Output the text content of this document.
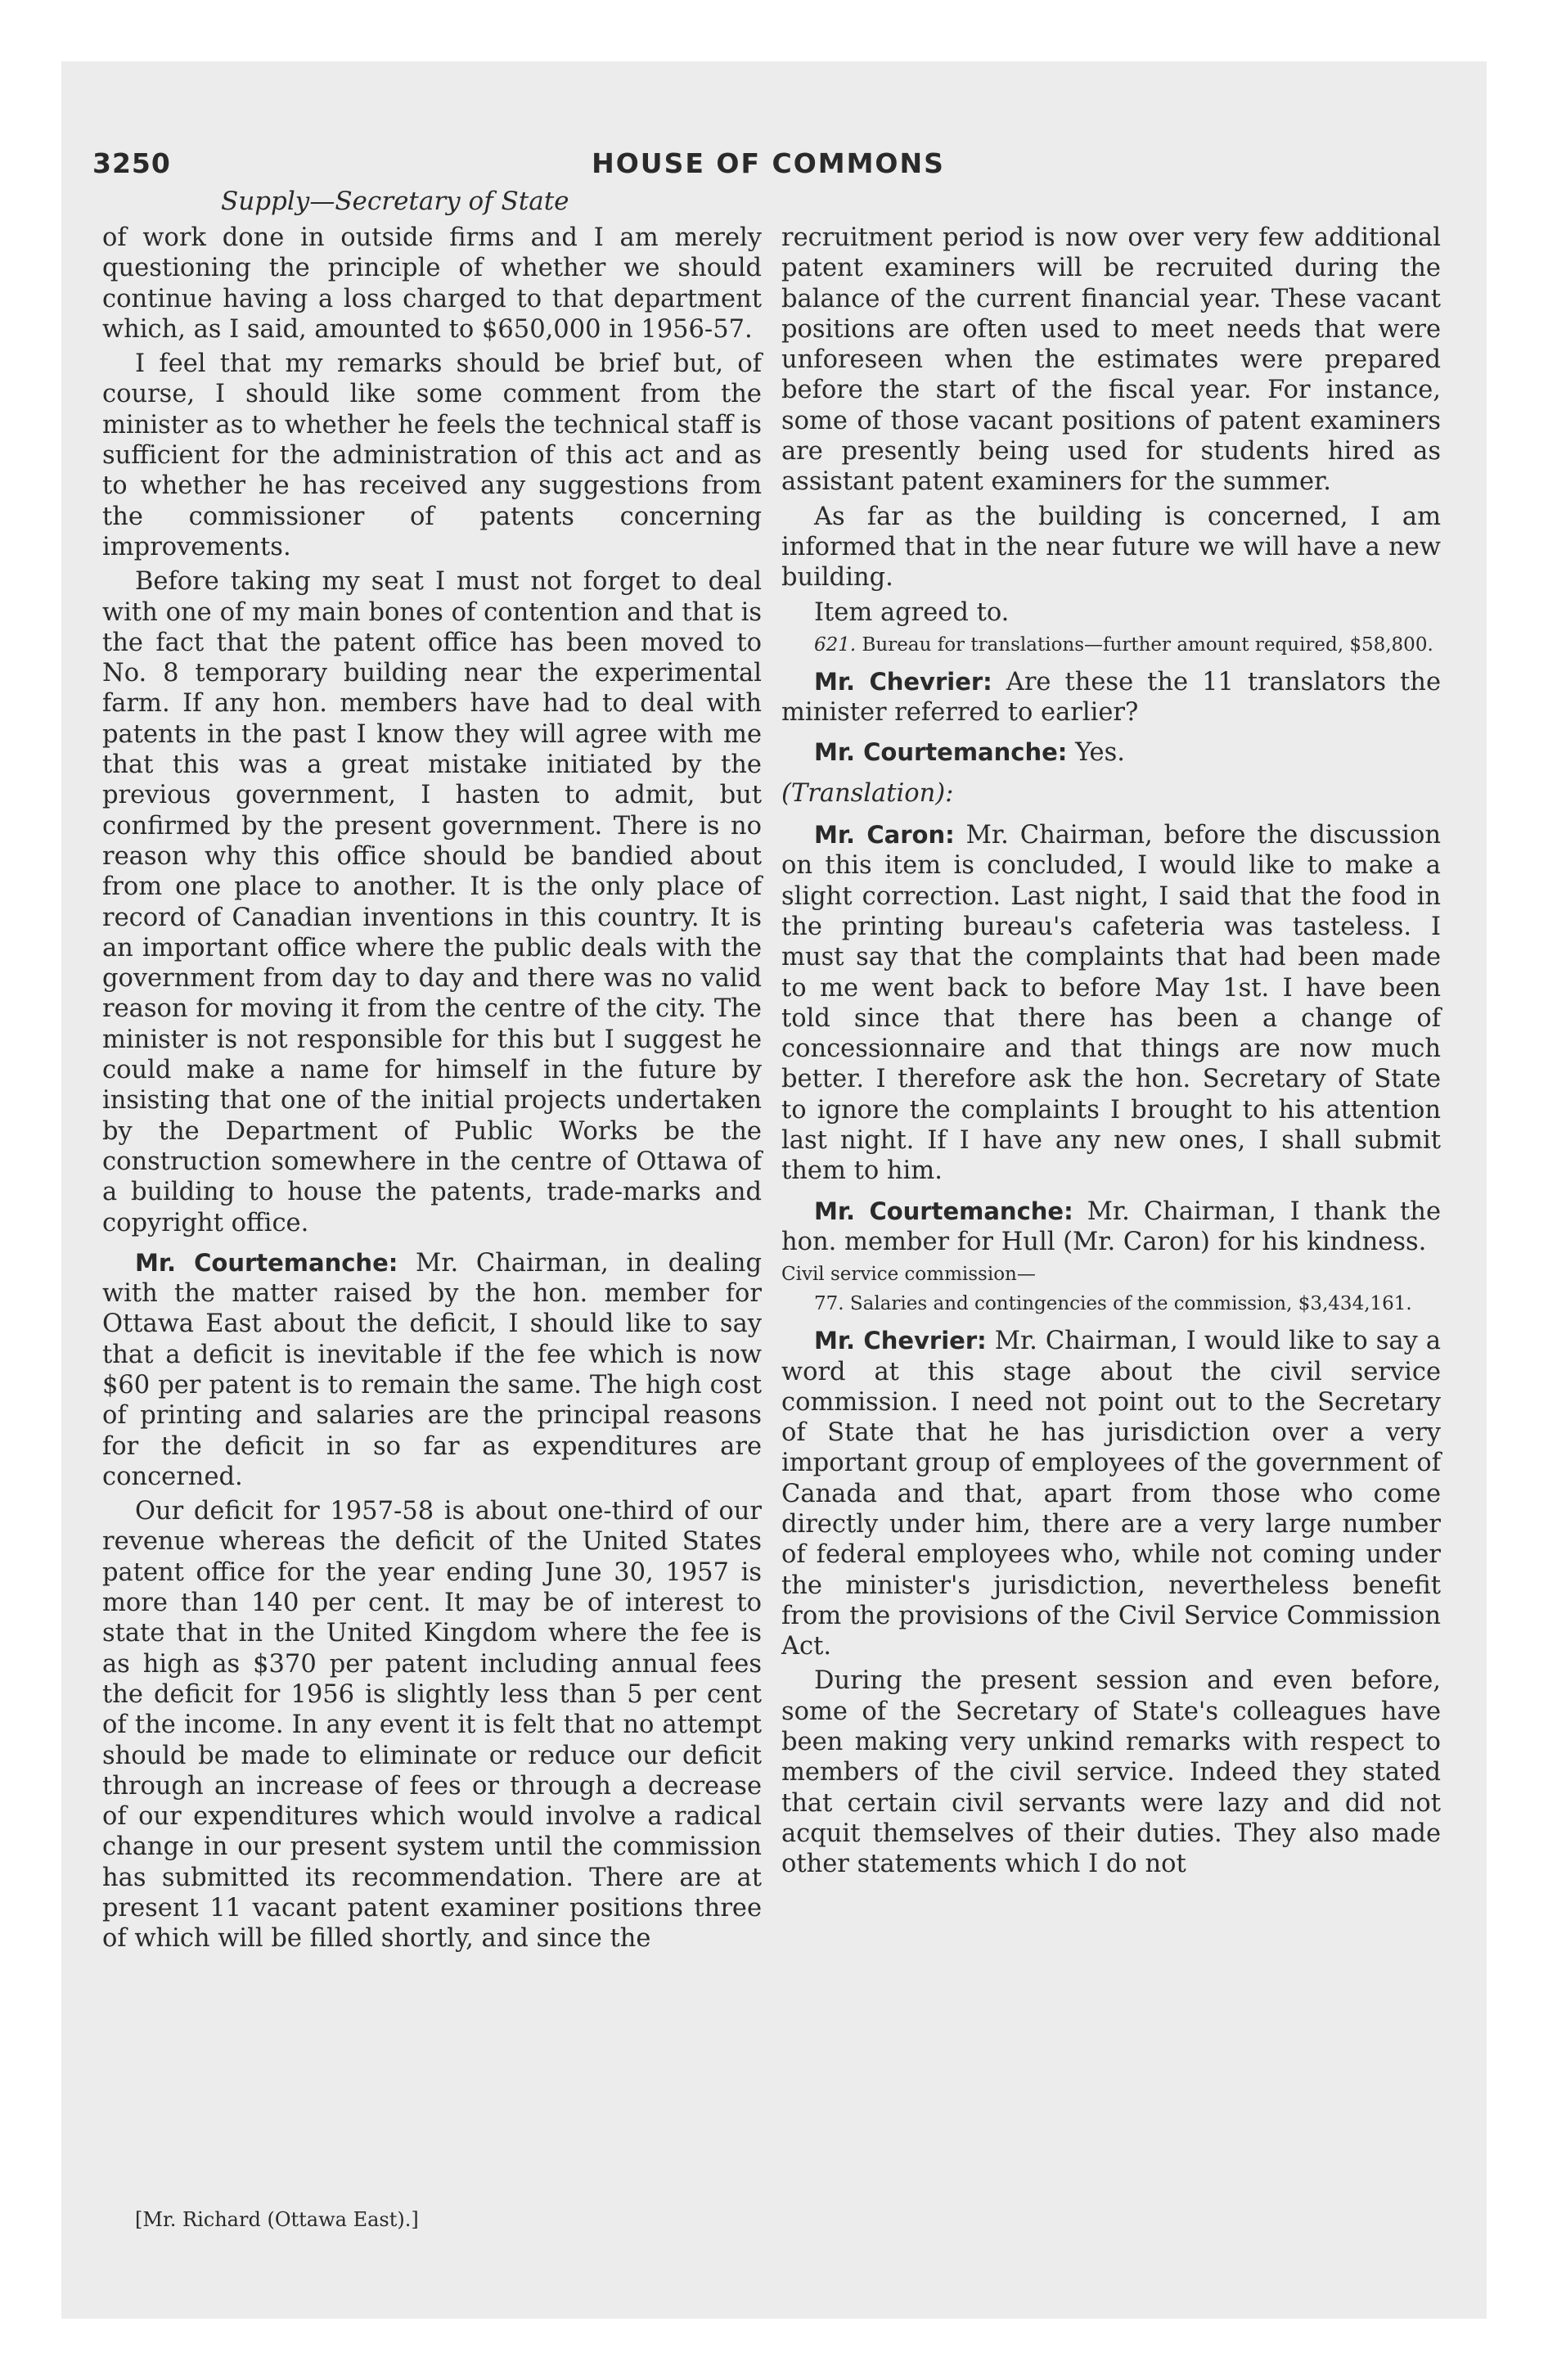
3250	HOUSE OF COMMONS
Supply—Secretary of State

of work done in outside firms and I am merely questioning the principle of whether we should continue having a loss charged to that department which, as I said, amounted to $650,000 in 1956-57.

I feel that my remarks should be brief but, of course, I should like some comment from the minister as to whether he feels the technical staff is sufficient for the administration of this act and as to whether he has received any suggestions from the commissioner of patents concerning improvements.

Before taking my seat I must not forget to deal with one of my main bones of contention and that is the fact that the patent office has been moved to No. 8 temporary building near the experimental farm. If any hon. members have had to deal with patents in the past I know they will agree with me that this was a great mistake initiated by the previous government, I hasten to admit, but confirmed by the present government. There is no reason why this office should be bandied about from one place to another. It is the only place of record of Canadian inventions in this country. It is an important office where the public deals with the government from day to day and there was no valid reason for moving it from the centre of the city. The minister is not responsible for this but I suggest he could make a name for himself in the future by insisting that one of the initial projects undertaken by the Department of Public Works be the construction somewhere in the centre of Ottawa of a building to house the patents, trade-marks and copyright office.

Mr. Courtemanche: Mr. Chairman, in dealing with the matter raised by the hon. member for Ottawa East about the deficit, I should like to say that a deficit is inevitable if the fee which is now $60 per patent is to remain the same. The high cost of printing and salaries are the principal reasons for the deficit in so far as expenditures are concerned.

Our deficit for 1957-58 is about one-third of our revenue whereas the deficit of the United States patent office for the year ending June 30, 1957 is more than 140 per cent. It may be of interest to state that in the United Kingdom where the fee is as high as $370 per patent including annual fees the deficit for 1956 is slightly less than 5 per cent of the income. In any event it is felt that no attempt should be made to eliminate or reduce our deficit through an increase of fees or through a decrease of our expenditures which would involve a radical change in our present system until the commission has submitted its recommendation. There are at present 11 vacant patent examiner positions three of which will be filled shortly, and since the

recruitment period is now over very few additional patent examiners will be recruited during the balance of the current financial year. These vacant positions are often used to meet needs that were unforeseen when the estimates were prepared before the start of the fiscal year. For instance, some of those vacant positions of patent examiners are presently being used for students hired as assistant patent examiners for the summer.

As far as the building is concerned, I am informed that in the near future we will have a new building.

Item agreed to.

621. Bureau for translations—further amount required, $58,800.

Mr. Chevrier: Are these the 11 translators the minister referred to earlier?

Mr. Courtemanche: Yes.

(Translation):

Mr. Caron: Mr. Chairman, before the discussion on this item is concluded, I would like to make a slight correction. Last night, I said that the food in the printing bureau's cafeteria was tasteless. I must say that the complaints that had been made to me went back to before May 1st. I have been told since that there has been a change of concessionnaire and that things are now much better. I therefore ask the hon. Secretary of State to ignore the complaints I brought to his attention last night. If I have any new ones, I shall submit them to him.

Mr. Courtemanche: Mr. Chairman, I thank the hon. member for Hull (Mr. Caron) for his kindness.

Civil service commission—

77. Salaries and contingencies of the commission, $3,434,161.

Mr. Chevrier: Mr. Chairman, I would like to say a word at this stage about the civil service commission. I need not point out to the Secretary of State that he has jurisdiction over a very important group of employees of the government of Canada and that, apart from those who come directly under him, there are a very large number of federal employees who, while not coming under the minister's jurisdiction, nevertheless benefit from the provisions of the Civil Service Commission Act.

During the present session and even before, some of the Secretary of State's colleagues have been making very unkind remarks with respect to members of the civil service. Indeed they stated that certain civil servants were lazy and did not acquit themselves of their duties. They also made other statements which I do not

[Mr. Richard (Ottawa East).]
